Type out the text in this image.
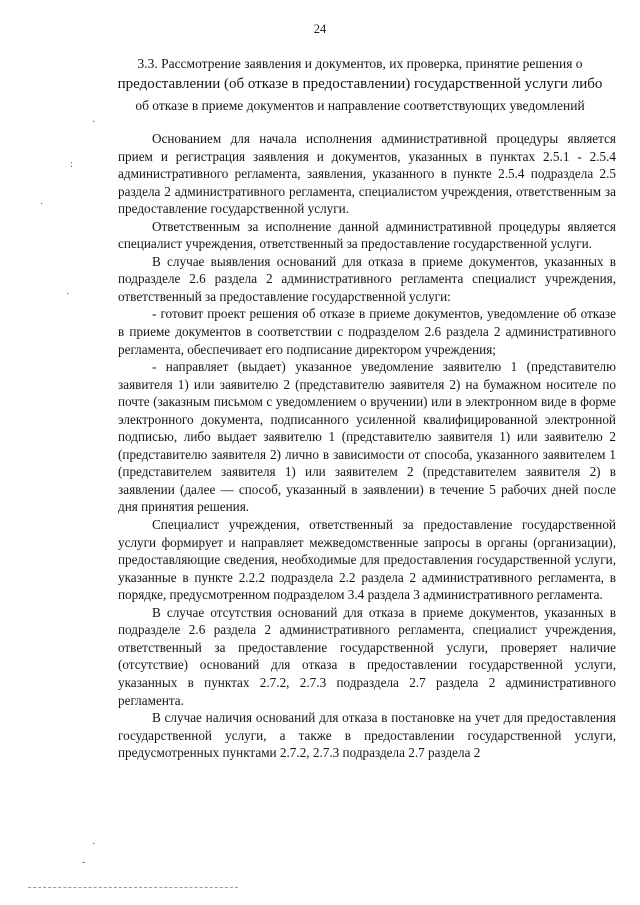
24
3.3. Рассмотрение заявления и документов, их проверка, принятие решения о
предоставлении (об отказе в предоставлении) государственной услуги либо
об отказе в приеме документов и направление соответствующих уведомлений

Основанием для начала исполнения административной процедуры является прием и регистрация заявления и документов, указанных в пунктах 2.5.1 - 2.5.4 административного регламента, заявления, указанного в пункте 2.5.4 подраздела 2.5 раздела 2 административного регламента, специалистом учреждения, ответственным за предоставление государственной услуги.

Ответственным за исполнение данной административной процедуры является специалист учреждения, ответственный за предоставление государственной услуги.

В случае выявления оснований для отказа в приеме документов, указанных в подразделе 2.6 раздела 2 административного регламента специалист учреждения, ответственный за предоставление государственной услуги:

- готовит проект решения об отказе в приеме документов, уведомление об отказе в приеме документов в соответствии с подразделом 2.6 раздела 2 административного регламента, обеспечивает его подписание директором учреждения;

- направляет (выдает) указанное уведомление заявителю 1 (представителю заявителя 1) или заявителю 2 (представителю заявителя 2) на бумажном носителе по почте (заказным письмом с уведомлением о вручении) или в электронном виде в форме электронного документа, подписанного усиленной квалифицированной электронной подписью, либо выдает заявителю 1 (представителю заявителя 1) или заявителю 2 (представителю заявителя 2) лично в зависимости от способа, указанного заявителем 1 (представителем заявителя 1) или заявителем 2 (представителем заявителя 2) в заявлении (далее — способ, указанный в заявлении) в течение 5 рабочих дней после дня принятия решения.

Специалист учреждения, ответственный за предоставление государственной услуги формирует и направляет межведомственные запросы в органы (организации), предоставляющие сведения, необходимые для предоставления государственной услуги, указанные в пункте 2.2.2 подраздела 2.2 раздела 2 административного регламента, в порядке, предусмотренном подразделом 3.4 раздела 3 административного регламента.

В случае отсутствия оснований для отказа в приеме документов, указанных в подразделе 2.6 раздела 2 административного регламента, специалист учреждения, ответственный за предоставление государственной услуги, проверяет наличие (отсутствие) оснований для отказа в предоставлении государственной услуги, указанных в пунктах 2.7.2, 2.7.3 подраздела 2.7 раздела 2 административного регламента.

В случае наличия оснований для отказа в постановке на учет для предоставления государственной услуги, а также в предоставлении государственной услуги, предусмотренных пунктами 2.7.2, 2.7.3 подраздела 2.7 раздела 2

·
:
·
·
·
-
